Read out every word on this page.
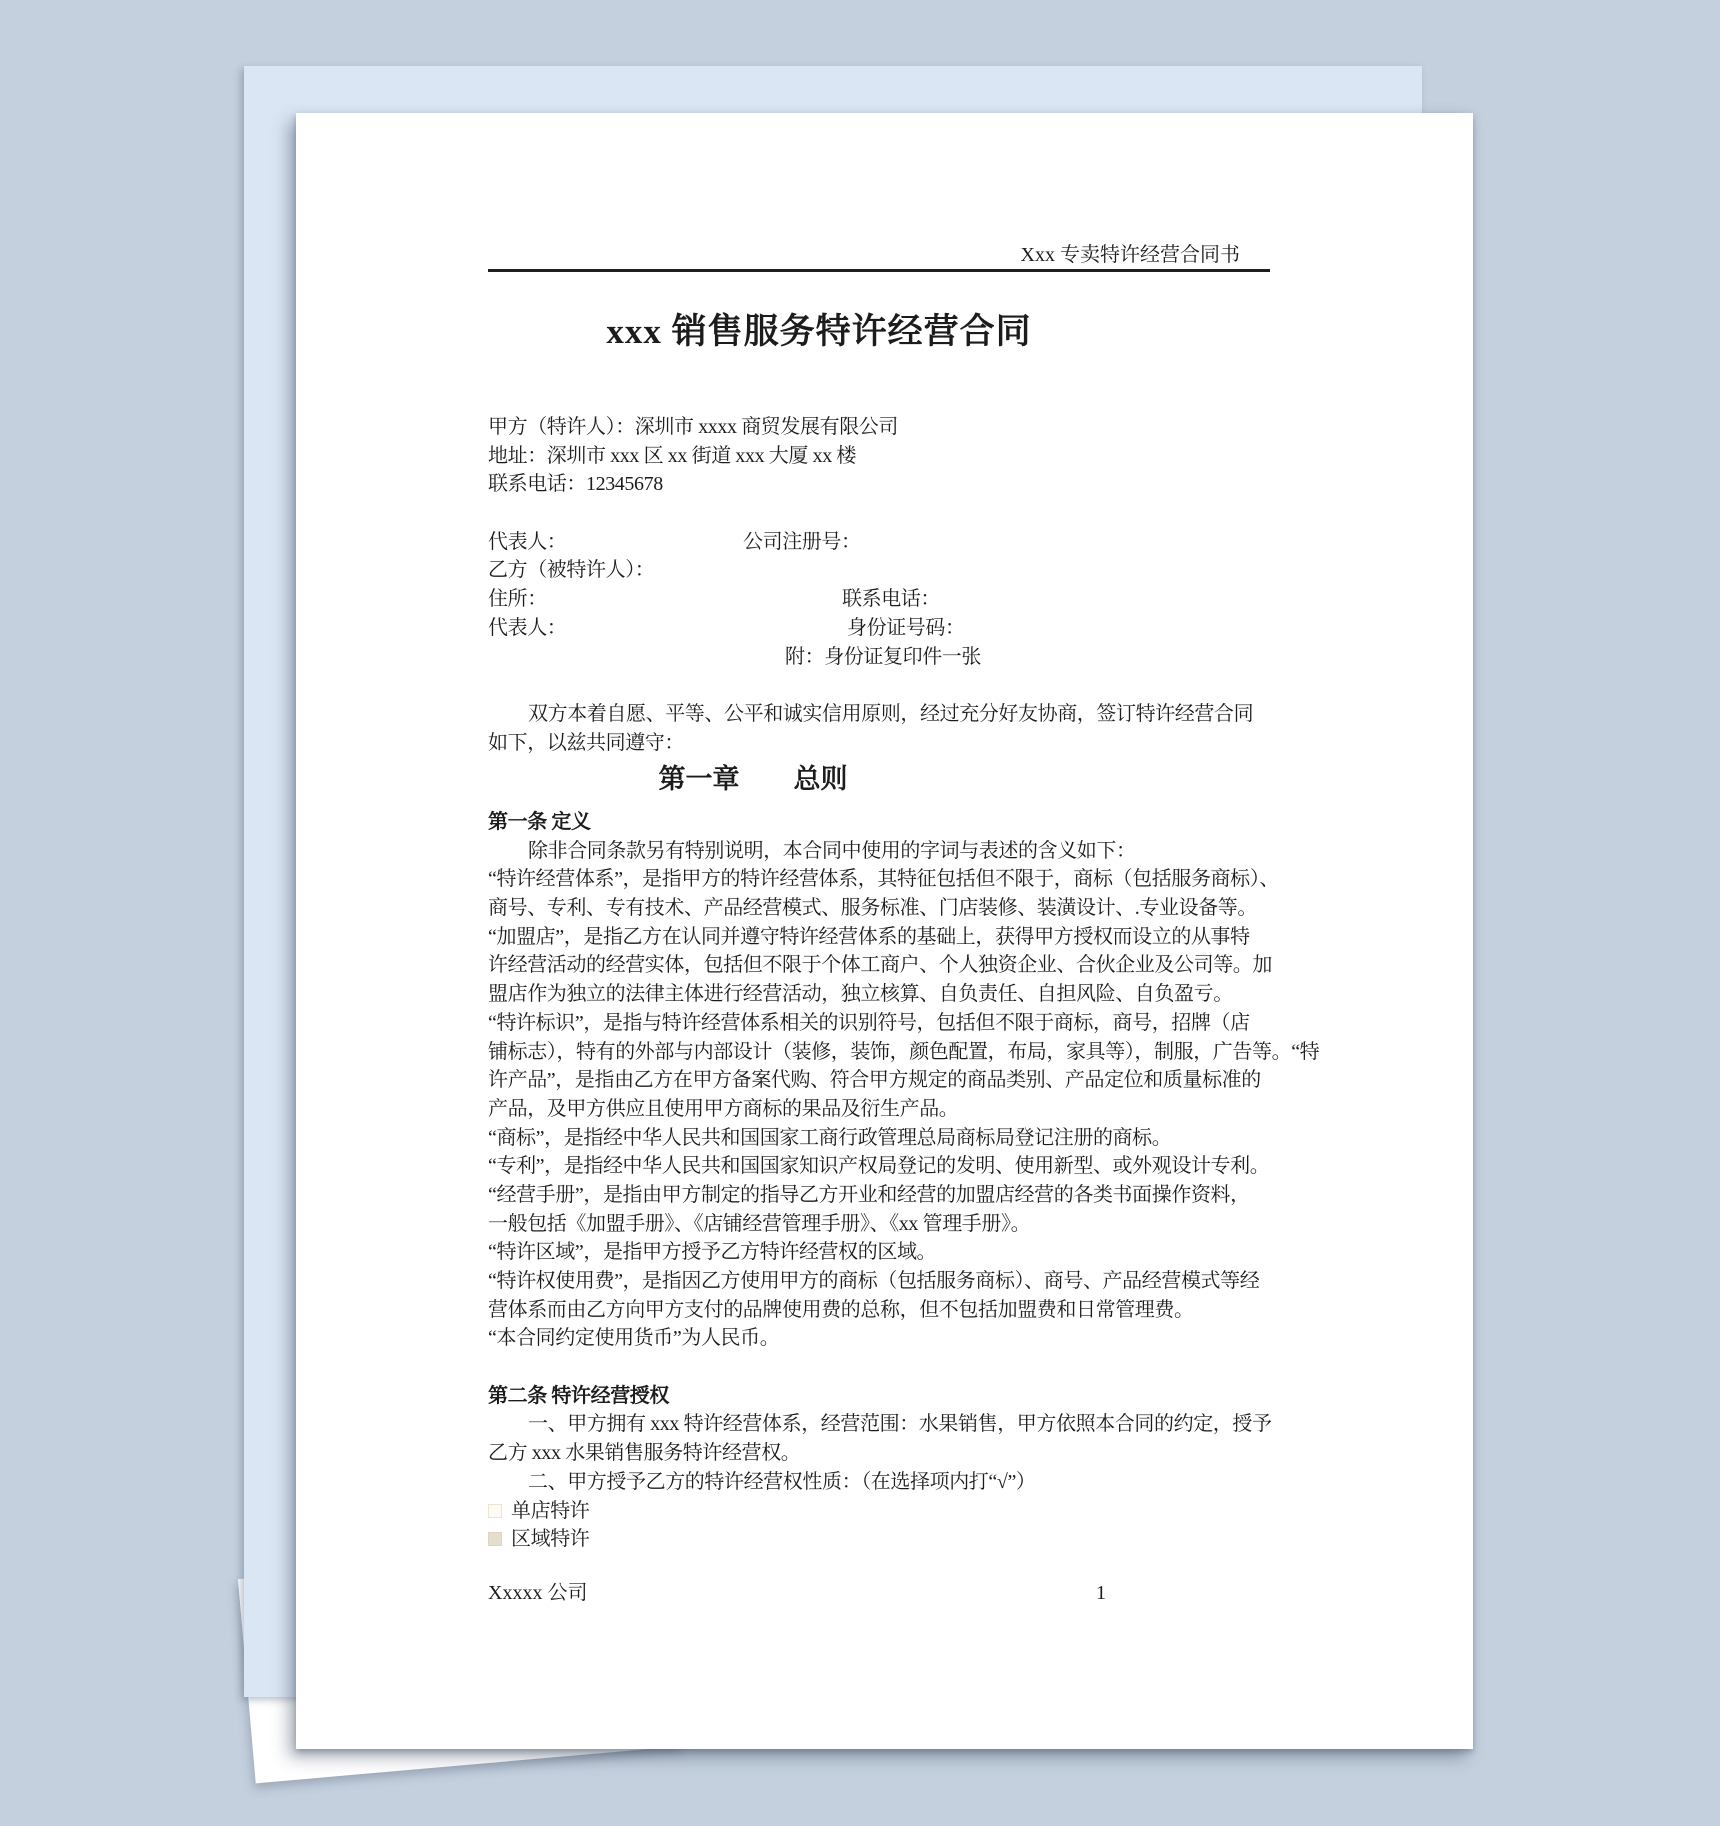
Xxx 专卖特许经营合同书
xxx 销售服务特许经营合同
甲方（特许人）：深圳市 xxxx 商贸发展有限公司
地址：深圳市 xxx 区 xx 街道 xxx 大厦 xx 楼
联系电话：12345678

代表人：	公司注册号：
乙方（被特许人）：
住所：	联系电话：
代表人：	身份证号码：
附：身份证复印件一张

双方本着自愿、平等、公平和诚实信用原则，经过充分好友协商，签订特许经营合同
如下，以兹共同遵守：
第一章　　总则
第一条 定义
除非合同条款另有特别说明，本合同中使用的字词与表述的含义如下：
“特许经营体系”，是指甲方的特许经营体系，其特征包括但不限于，商标（包括服务商标）、
商号、专利、专有技术、产品经营模式、服务标准、门店装修、装潢设计、.专业设备等。
“加盟店”，是指乙方在认同并遵守特许经营体系的基础上，获得甲方授权而设立的从事特
许经营活动的经营实体，包括但不限于个体工商户、个人独资企业、合伙企业及公司等。加
盟店作为独立的法律主体进行经营活动，独立核算、自负责任、自担风险、自负盈亏。
“特许标识”，是指与特许经营体系相关的识别符号，包括但不限于商标，商号，招牌（店
铺标志），特有的外部与内部设计（装修，装饰，颜色配置，布局，家具等），制服，广告等。“特
许产品”，是指由乙方在甲方备案代购、符合甲方规定的商品类别、产品定位和质量标准的
产品，及甲方供应且使用甲方商标的果品及衍生产品。
“商标”，是指经中华人民共和国国家工商行政管理总局商标局登记注册的商标。
“专利”，是指经中华人民共和国国家知识产权局登记的发明、使用新型、或外观设计专利。
“经营手册”，是指由甲方制定的指导乙方开业和经营的加盟店经营的各类书面操作资料，
一般包括《加盟手册》、《店铺经营管理手册》、《xx 管理手册》。
“特许区域”，是指甲方授予乙方特许经营权的区域。
“特许权使用费”，是指因乙方使用甲方的商标（包括服务商标）、商号、产品经营模式等经
营体系而由乙方向甲方支付的品牌使用费的总称，但不包括加盟费和日常管理费。
“本合同约定使用货币”为人民币。

第二条 特许经营授权
一、甲方拥有 xxx 特许经营体系，经营范围：水果销售，甲方依照本合同的约定，授予
乙方 xxx 水果销售服务特许经营权。
二、甲方授予乙方的特许经营权性质：（在选择项内打“√”）
单店特许
区域特许
Xxxxx 公司	1
